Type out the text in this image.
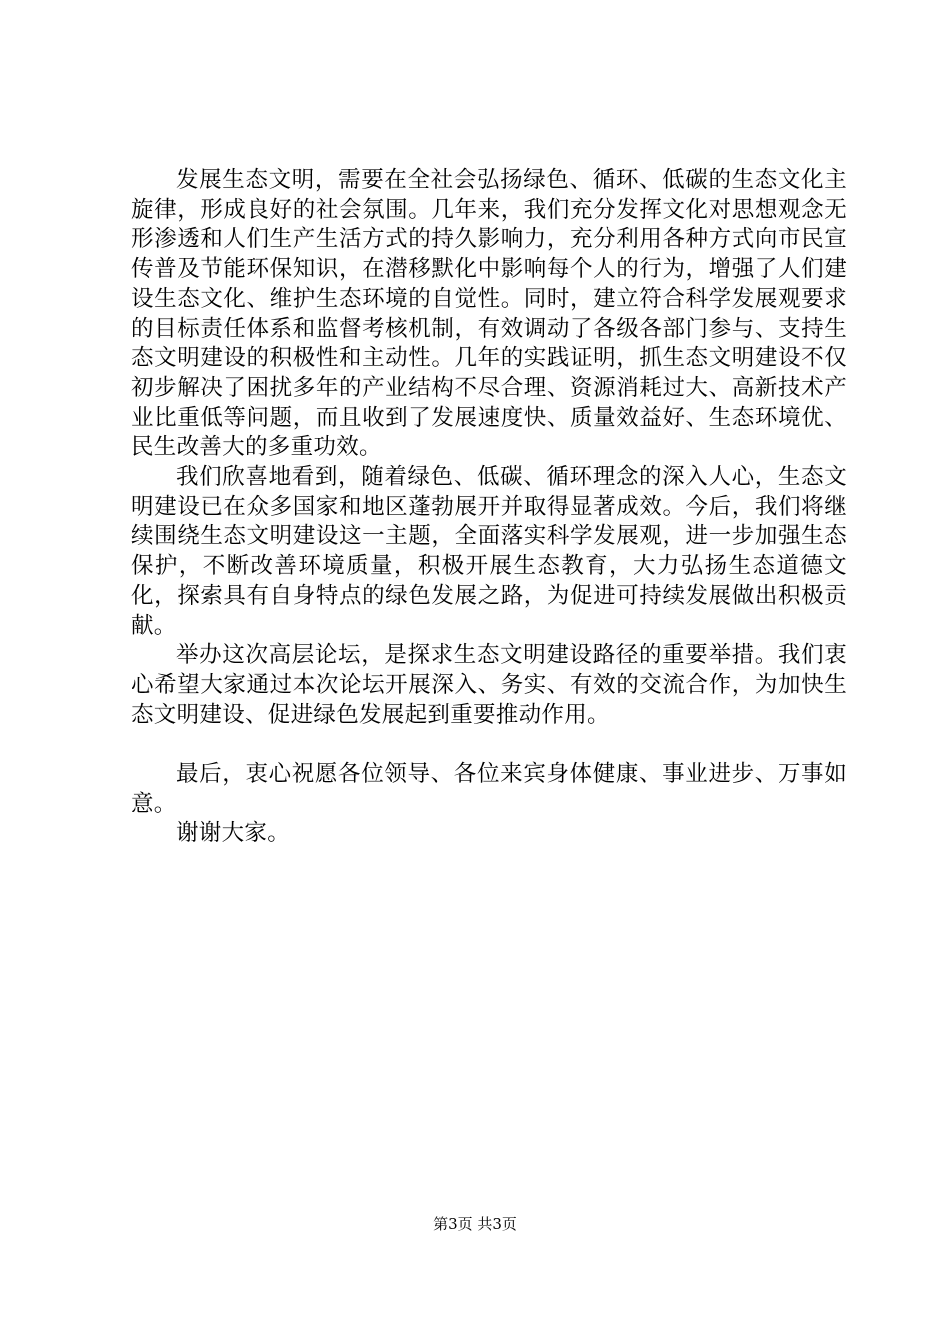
发展生态文明，需要在全社会弘扬绿色、循环、低碳的生态文化主旋律，形成良好的社会氛围。几年来，我们充分发挥文化对思想观念无形渗透和人们生产生活方式的持久影响力，充分利用各种方式向市民宣传普及节能环保知识，在潜移默化中影响每个人的行为，增强了人们建设生态文化、维护生态环境的自觉性。同时，建立符合科学发展观要求的目标责任体系和监督考核机制，有效调动了各级各部门参与、支持生态文明建设的积极性和主动性。几年的实践证明，抓生态文明建设不仅初步解决了困扰多年的产业结构不尽合理、资源消耗过大、高新技术产业比重低等问题，而且收到了发展速度快、质量效益好、生态环境优、民生改善大的多重功效。

我们欣喜地看到，随着绿色、低碳、循环理念的深入人心，生态文明建设已在众多国家和地区蓬勃展开并取得显著成效。今后，我们将继续围绕生态文明建设这一主题，全面落实科学发展观，进一步加强生态保护，不断改善环境质量，积极开展生态教育，大力弘扬生态道德文化，探索具有自身特点的绿色发展之路，为促进可持续发展做出积极贡献。

举办这次高层论坛，是探求生态文明建设路径的重要举措。我们衷心希望大家通过本次论坛开展深入、务实、有效的交流合作，为加快生态文明建设、促进绿色发展起到重要推动作用。

最后，衷心祝愿各位领导、各位来宾身体健康、事业进步、万事如意。

谢谢大家。

第3页 共3页
